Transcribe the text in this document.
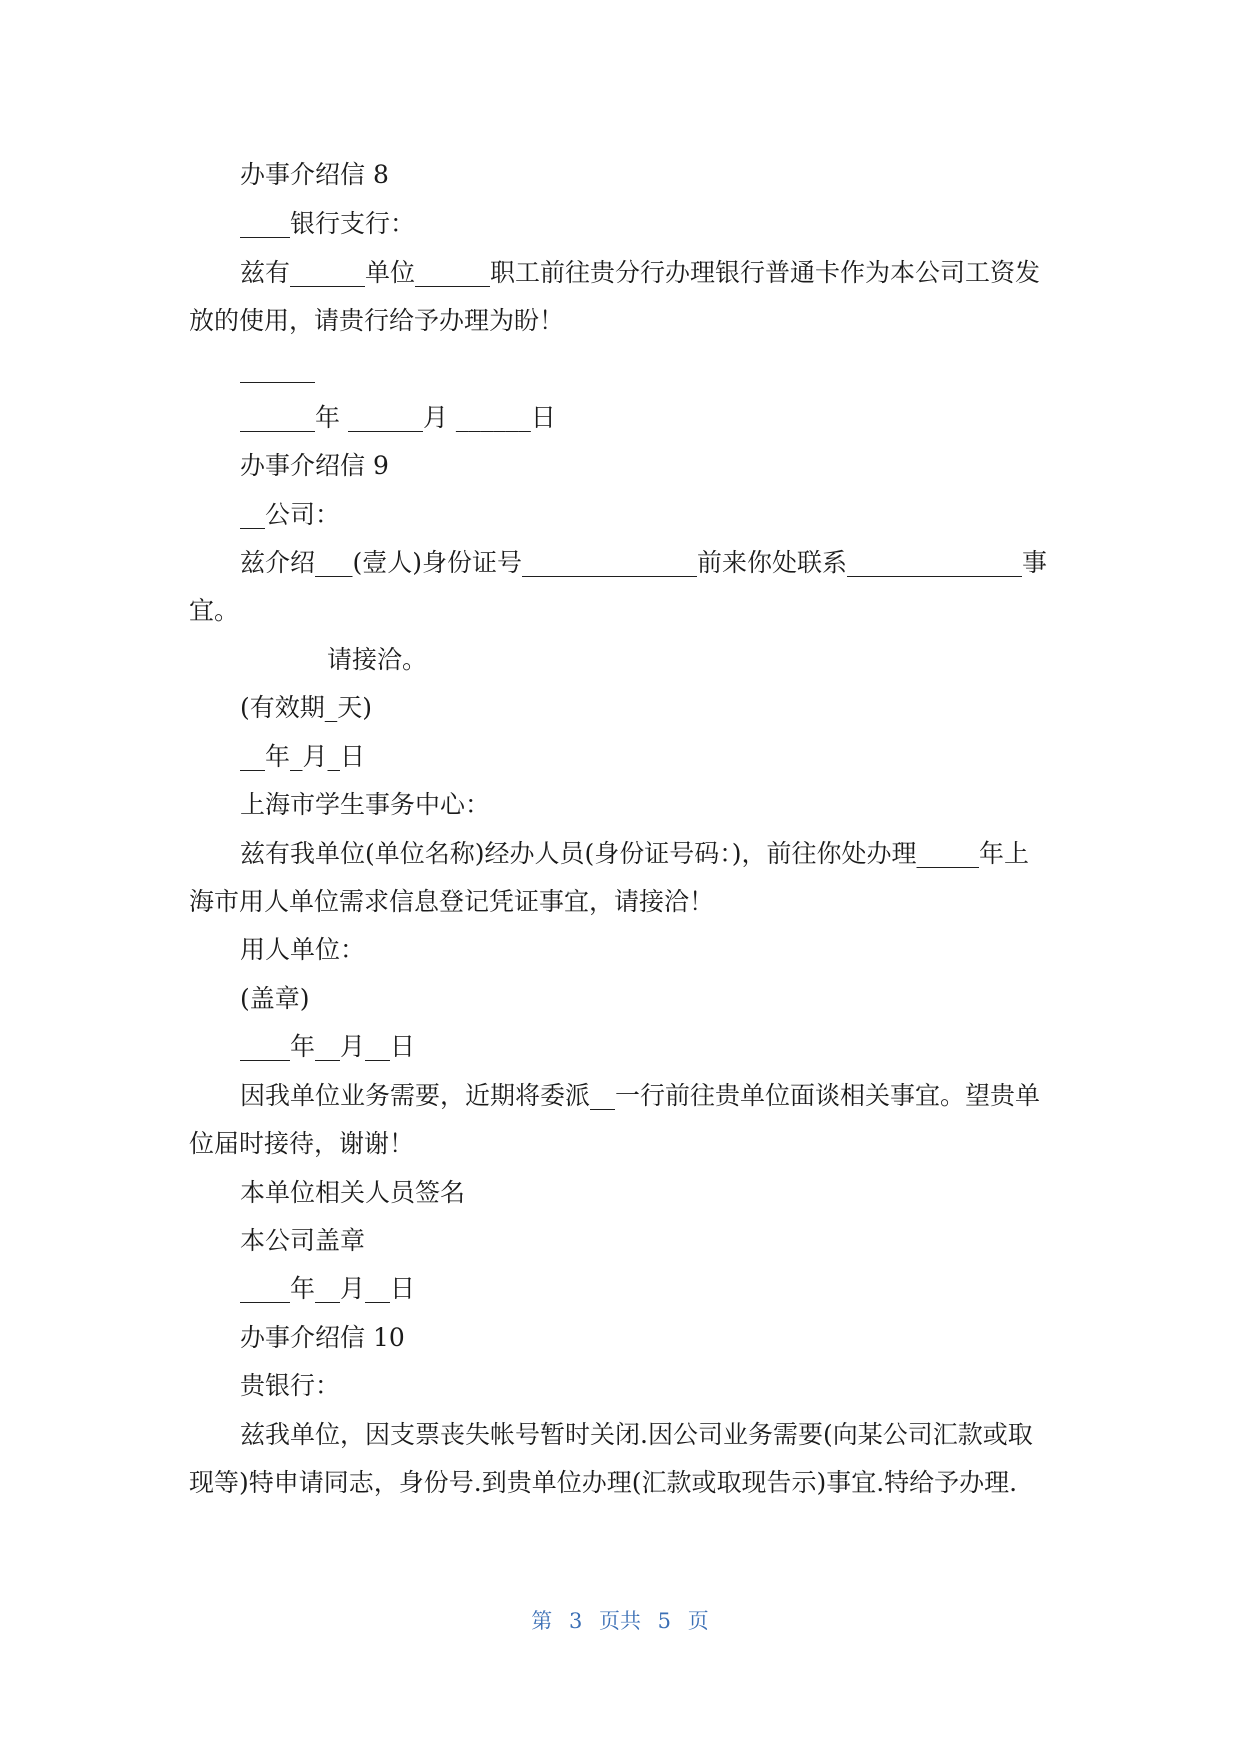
办事介绍信 8
____银行支行：
兹有______单位______职工前往贵分行办理银行普通卡作为本公司工资发
放的使用，请贵行给予办理为盼！
______
______年 ______月 ______日
办事介绍信 9
__公司：
兹介绍___(壹人)身份证号______________前来你处联系______________事
宜。
请接洽。
(有效期_天)
__年_月_日
上海市学生事务中心：
兹有我单位(单位名称)经办人员(身份证号码：)，前往你处办理_____年上
海市用人单位需求信息登记凭证事宜，请接洽！
用人单位：
(盖章)
____年__月__日
因我单位业务需要，近期将委派__一行前往贵单位面谈相关事宜。望贵单
位届时接待，谢谢！
本单位相关人员签名
本公司盖章
____年__月__日
办事介绍信 10
贵银行：
兹我单位，因支票丧失帐号暂时关闭.因公司业务需要(向某公司汇款或取
现等)特申请同志，身份号.到贵单位办理(汇款或取现告示)事宜.特给予办理.
第 3 页共 5 页
